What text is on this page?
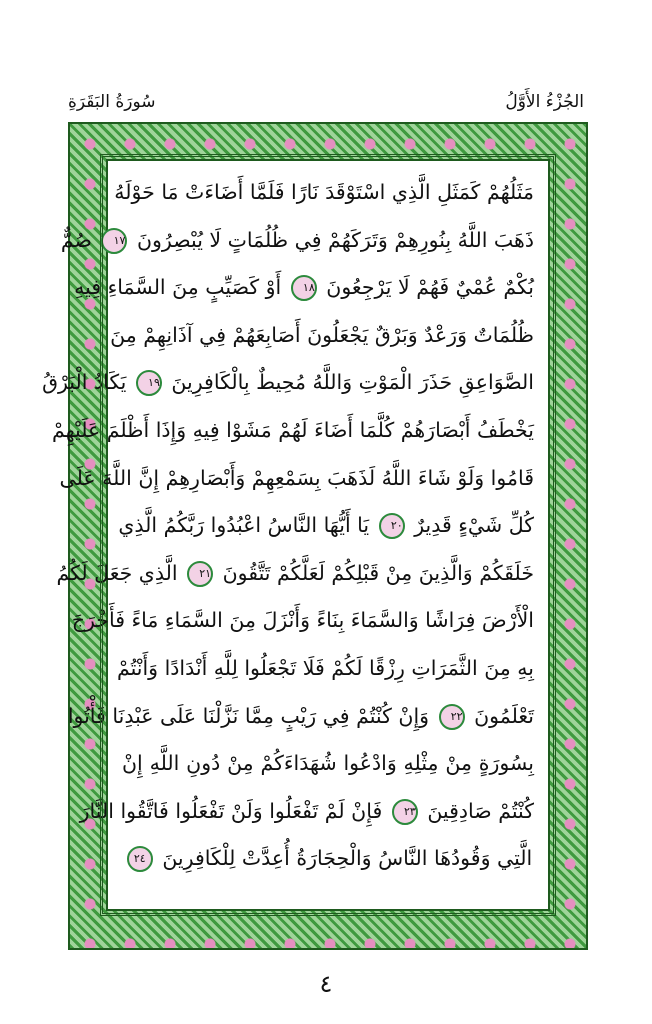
الجُزْءُ الأَوَّلُ
سُورَةُ البَقَرَةِ
مَثَلُهُمْ كَمَثَلِ الَّذِي اسْتَوْقَدَ نَارًا فَلَمَّا أَضَاءَتْ مَا حَوْلَهُ
ذَهَبَ اللَّهُ بِنُورِهِمْ وَتَرَكَهُمْ فِي ظُلُمَاتٍ لَا يُبْصِرُونَ ١٧ صُمٌّ
بُكْمٌ عُمْيٌ فَهُمْ لَا يَرْجِعُونَ ١٨ أَوْ كَصَيِّبٍ مِنَ السَّمَاءِ فِيهِ
ظُلُمَاتٌ وَرَعْدٌ وَبَرْقٌ يَجْعَلُونَ أَصَابِعَهُمْ فِي آذَانِهِمْ مِنَ
الصَّوَاعِقِ حَذَرَ الْمَوْتِ وَاللَّهُ مُحِيطٌ بِالْكَافِرِينَ ١٩ يَكَادُ الْبَرْقُ
يَخْطَفُ أَبْصَارَهُمْ كُلَّمَا أَضَاءَ لَهُمْ مَشَوْا فِيهِ وَإِذَا أَظْلَمَ عَلَيْهِمْ
قَامُوا وَلَوْ شَاءَ اللَّهُ لَذَهَبَ بِسَمْعِهِمْ وَأَبْصَارِهِمْ إِنَّ اللَّهَ عَلَى
كُلِّ شَيْءٍ قَدِيرٌ ٢٠ يَا أَيُّهَا النَّاسُ اعْبُدُوا رَبَّكُمُ الَّذِي
خَلَقَكُمْ وَالَّذِينَ مِنْ قَبْلِكُمْ لَعَلَّكُمْ تَتَّقُونَ ٢١ الَّذِي جَعَلَ لَكُمُ
الْأَرْضَ فِرَاشًا وَالسَّمَاءَ بِنَاءً وَأَنْزَلَ مِنَ السَّمَاءِ مَاءً فَأَخْرَجَ
بِهِ مِنَ الثَّمَرَاتِ رِزْقًا لَكُمْ فَلَا تَجْعَلُوا لِلَّهِ أَنْدَادًا وَأَنْتُمْ
تَعْلَمُونَ ٢٢ وَإِنْ كُنْتُمْ فِي رَيْبٍ مِمَّا نَزَّلْنَا عَلَى عَبْدِنَا فَأْتُوا
بِسُورَةٍ مِنْ مِثْلِهِ وَادْعُوا شُهَدَاءَكُمْ مِنْ دُونِ اللَّهِ إِنْ
كُنْتُمْ صَادِقِينَ ٢٣ فَإِنْ لَمْ تَفْعَلُوا وَلَنْ تَفْعَلُوا فَاتَّقُوا النَّارَ
الَّتِي وَقُودُهَا النَّاسُ وَالْحِجَارَةُ أُعِدَّتْ لِلْكَافِرِينَ ٢٤
٤
